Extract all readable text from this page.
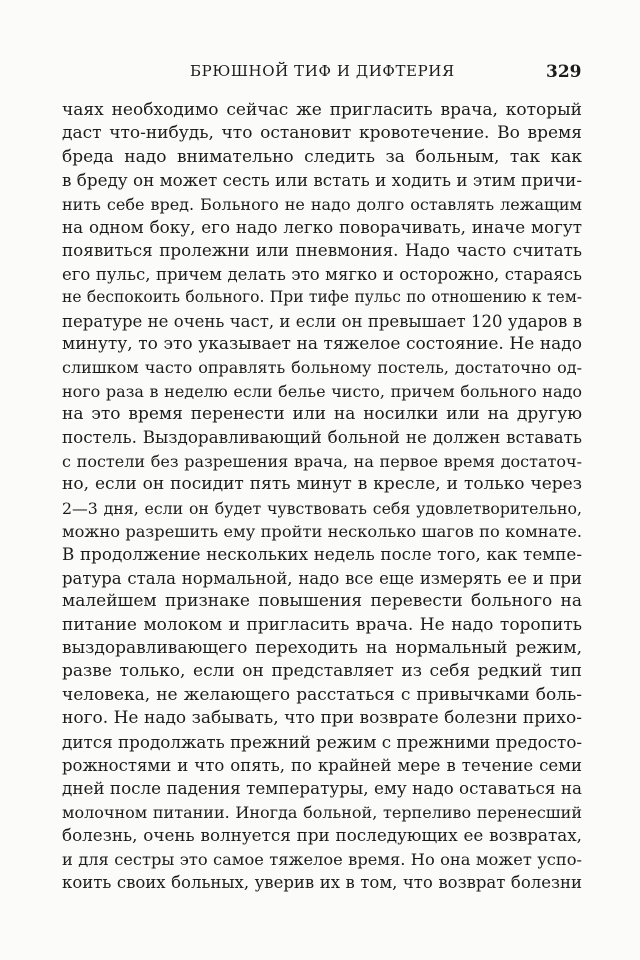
БРЮШНОЙ ТИФ И ДИФТЕРИЯ	329
чаях необходимо сейчас же пригласить врача, который
даст что-нибудь, что остановит кровотечение. Во время
бреда надо внимательно следить за больным, так как
в бреду он может сесть или встать и ходить и этим причи-
нить себе вред. Больного не надо долго оставлять лежащим
на одном боку, его надо легко поворачивать, иначе могут
появиться пролежни или пневмония. Надо часто считать
его пульс, причем делать это мягко и осторожно, стараясь
не беспокоить больного. При тифе пульс по отношению к тем-
пературе не очень част, и если он превышает 120 ударов в
минуту, то это указывает на тяжелое состояние. Не надо
слишком часто оправлять больному постель, достаточно од-
ного раза в неделю если белье чисто, причем больного надо
на это время перенести или на носилки или на другую
постель. Выздоравливающий больной не должен вставать
с постели без разрешения врача, на первое время достаточ-
но, если он посидит пять минут в кресле, и только через
2—3 дня, если он будет чувствовать себя удовлетворительно,
можно разрешить ему пройти несколько шагов по комнате.
В продолжение нескольких недель после того, как темпе-
ратура стала нормальной, надо все еще измерять ее и при
малейшем признаке повышения перевести больного на
питание молоком и пригласить врача. Не надо торопить
выздоравливающего переходить на нормальный режим,
разве только, если он представляет из себя редкий тип
человека, не желающего расстаться с привычками боль-
ного. Не надо забывать, что при возврате болезни прихо-
дится продолжать прежний режим с прежними предосто-
рожностями и что опять, по крайней мере в течение семи
дней после падения температуры, ему надо оставаться на
молочном питании. Иногда больной, терпеливо перенесший
болезнь, очень волнуется при последующих ее возвратах,
и для сестры это самое тяжелое время. Но она может успо-
коить своих больных, уверив их в том, что возврат болезни
